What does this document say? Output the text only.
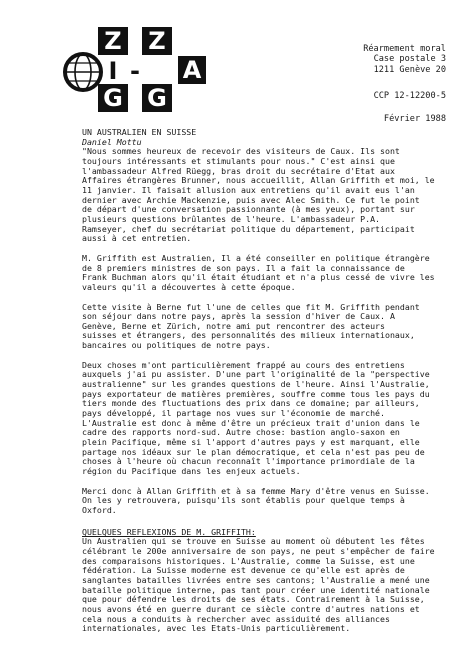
Z
I
G
-
Z
A
G
Réarmement moral
Case postale 3
1211 Genève 20
CCP 12-12200-5
Février 1988
UN AUSTRALIEN EN SUISSE
Daniel Mottu
"Nous sommes heureux de recevoir des visiteurs de Caux. Ils sont
toujours intéressants et stimulants pour nous." C'est ainsi que
l'ambassadeur Alfred Rüegg, bras droit du secrétaire d'Etat aux
Affaires étrangères Brunner, nous accueillit, Allan Griffith et moi, le
11 janvier. Il faisait allusion aux entretiens qu'il avait eus l'an
dernier avec Archie Mackenzie, puis avec Alec Smith. Ce fut le point
de départ d'une conversation passionnante (à mes yeux), portant sur
plusieurs questions brûlantes de l'heure. L'ambassadeur P.A.
Ramseyer, chef du secrétariat politique du département, participait
aussi à cet entretien.
M. Griffith est Australien, Il a été conseiller en politique étrangère
de 8 premiers ministres de son pays. Il a fait la connaissance de
Frank Buchman alors qu'il était étudiant et n'a plus cessé de vivre les
valeurs qu'il a découvertes à cette époque.
Cette visite à Berne fut l'une de celles que fit M. Griffith pendant
son séjour dans notre pays, après la session d'hiver de Caux. A
Genève, Berne et Zürich, notre ami put rencontrer des acteurs
suisses et étrangers, des personnalités des milieux internationaux,
bancaires ou politiques de notre pays.
Deux choses m'ont particulièrement frappé au cours des entretiens
auxquels j'ai pu assister. D'une part l'originalité de la "perspective
australienne" sur les grandes questions de l'heure. Ainsi l'Australie,
pays exportateur de matières premières, souffre comme tous les pays du
tiers monde des fluctuations des prix dans ce domaine; par ailleurs,
pays développé, il partage nos vues sur l'économie de marché.
L'Australie est donc à même d'être un précieux trait d'union dans le
cadre des rapports nord-sud. Autre chose: bastion anglo-saxon en
plein Pacifique, même si l'apport d'autres pays y est marquant, elle
partage nos idéaux sur le plan démocratique, et cela n'est pas peu de
choses à l'heure où chacun reconnaît l'importance primordiale de la
région du Pacifique dans les enjeux actuels.
Merci donc à Allan Griffith et à sa femme Mary d'être venus en Suisse.
On les y retrouvera, puisqu'ils sont établis pour quelque temps à
Oxford.
QUELQUES REFLEXIONS DE M. GRIFFITH:
Un Australien qui se trouve en Suisse au moment où débutent les fêtes
célébrant le 200e anniversaire de son pays, ne peut s'empêcher de faire
des comparaisons historiques. L'Australie, comme la Suisse, est une
fédération. La Suisse moderne est devenue ce qu'elle est après de
sanglantes batailles livrées entre ses cantons; l'Australie a mené une
bataille politique interne, pas tant pour créer une identité nationale
que pour défendre les droits de ses états. Contrairement à la Suisse,
nous avons été en guerre durant ce siècle contre d'autres nations et
cela nous a conduits à rechercher avec assiduité des alliances
internationales, avec les Etats-Unis particulièrement.
